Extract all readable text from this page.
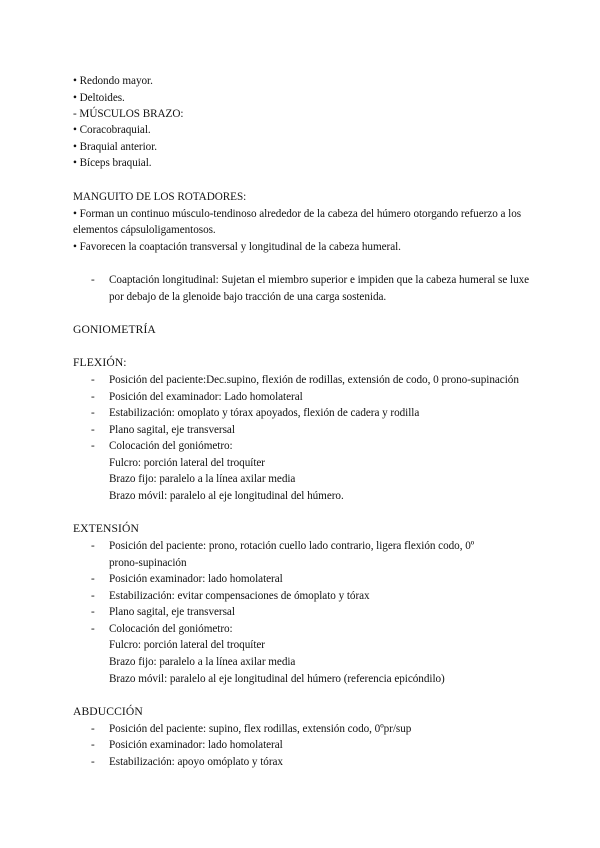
• Redondo mayor.
• Deltoides.
- MÚSCULOS BRAZO:
• Coracobraquial.
• Braquial anterior.
• Bíceps braquial.
MANGUITO DE LOS ROTADORES:
• Forman un continuo músculo-tendinoso alrededor de la cabeza del húmero otorgando refuerzo a los
elementos cápsuloligamentosos.
• Favorecen la coaptación transversal y longitudinal de la cabeza humeral.
- Coaptación longitudinal: Sujetan el miembro superior e impiden que la cabeza humeral se luxe
por debajo de la glenoide bajo tracción de una carga sostenida.
GONIOMETRÍA
FLEXIÓN:
- Posición del paciente:Dec.supino, flexión de rodillas, extensión de codo, 0 prono-supinación
- Posición del examinador: Lado homolateral
- Estabilización: omoplato y tórax apoyados, flexión de cadera y rodilla
- Plano sagital, eje transversal
- Colocación del goniómetro:
Fulcro: porción lateral del troquíter
Brazo fijo: paralelo a la línea axilar media
Brazo móvil: paralelo al eje longitudinal del húmero.
EXTENSIÓN
- Posición del paciente: prono, rotación cuello lado contrario, ligera flexión codo, 0º
prono-supinación
- Posición examinador: lado homolateral
- Estabilización: evitar compensaciones de ómoplato y tórax
- Plano sagital, eje transversal
- Colocación del goniómetro:
Fulcro: porción lateral del troquíter
Brazo fijo: paralelo a la línea axilar media
Brazo móvil: paralelo al eje longitudinal del húmero (referencia epicóndilo)
ABDUCCIÓN
- Posición del paciente: supino, flex rodillas, extensión codo, 0ºpr/sup
- Posición examinador: lado homolateral
- Estabilización: apoyo omóplato y tórax
